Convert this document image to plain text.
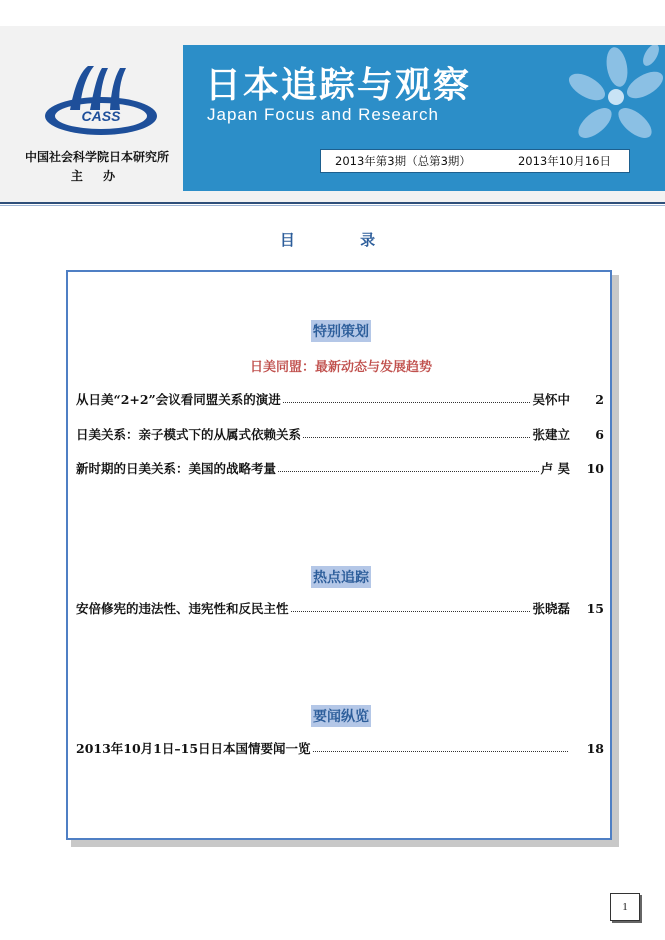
CASS
中国社会科学院日本研究所
主 办
日本追踪与观察
Japan Focus and Research
2013年第3期（总第3期）	2013年10月16日
目 录
特别策划
日美同盟：最新动态与发展趋势
从日美“2+2”会议看同盟关系的演进	吴怀中	2
日美关系：亲子模式下的从属式依赖关系	张建立	6
新时期的日美关系：美国的战略考量	卢 昊	10
热点追踪
安倍修宪的违法性、违宪性和反民主性	张晓磊	15
要闻纵览
2013年10月1日–15日日本国情要闻一览	18
1
